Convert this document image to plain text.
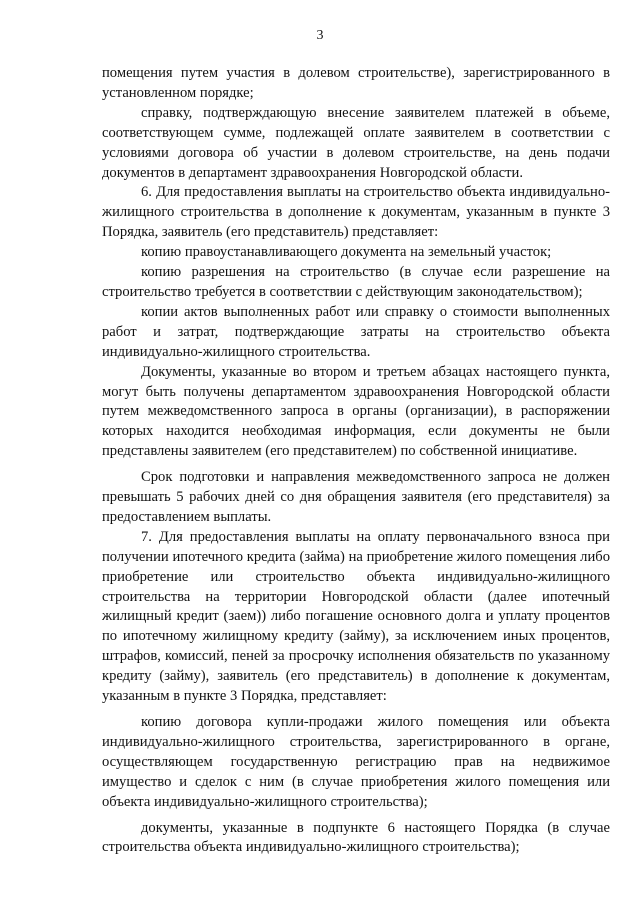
3

помещения путем участия в долевом строительстве), зарегистрированного в установленном порядке;

справку, подтверждающую внесение заявителем платежей в объеме, соответствующем сумме, подлежащей оплате заявителем в соответствии с условиями договора об участии в долевом строительстве, на день подачи документов в департамент здравоохранения Новгородской области.

6. Для предоставления выплаты на строительство объекта индивидуально-жилищного строительства в дополнение к документам, указанным в пункте 3 Порядка, заявитель (его представитель) представляет:

копию правоустанавливающего документа на земельный участок;

копию разрешения на строительство (в случае если разрешение на строительство требуется в соответствии с действующим законодательством);

копии актов выполненных работ или справку о стоимости выполненных работ и затрат, подтверждающие затраты на строительство объекта индивидуально-жилищного строительства.

Документы, указанные во втором и третьем абзацах настоящего пункта, могут быть получены департаментом здравоохранения Новгородской области путем межведомственного запроса в органы (организации), в распоряжении которых находится необходимая информация, если документы не были представлены заявителем (его представителем) по собственной инициативе.

Срок подготовки и направления межведомственного запроса не должен превышать 5 рабочих дней со дня обращения заявителя (его представителя) за предоставлением выплаты.

7. Для предоставления выплаты на оплату первоначального взноса при получении ипотечного кредита (займа) на приобретение жилого помещения либо приобретение или строительство объекта индивидуально-жилищного строительства на территории Новгородской области (далее ипотечный жилищный кредит (заем)) либо погашение основного долга и уплату процентов по ипотечному жилищному кредиту (займу), за исключением иных процентов, штрафов, комиссий, пеней за просрочку исполнения обязательств по указанному кредиту (займу), заявитель (его представитель) в дополнение к документам, указанным в пункте 3 Порядка, представляет:

копию договора купли-продажи жилого помещения или объекта индивидуально-жилищного строительства, зарегистрированного в органе, осуществляющем государственную регистрацию прав на недвижимое имущество и сделок с ним (в случае приобретения жилого помещения или объекта индивидуально-жилищного строительства);

документы, указанные в подпункте 6 настоящего Порядка (в случае строительства объекта индивидуально-жилищного строительства);
